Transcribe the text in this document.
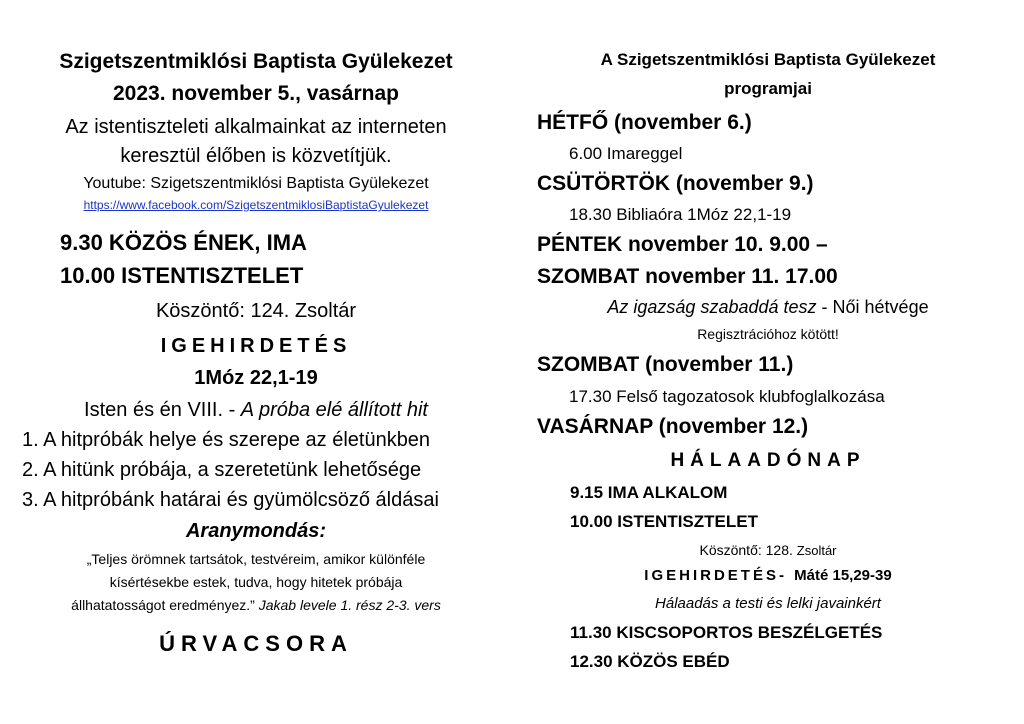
Szigetszentmiklósi Baptista Gyülekezet
2023. november 5., vasárnap
Az istentiszteleti alkalmainkat az interneten
keresztül élőben is közvetítjük.
Youtube: Szigetszentmiklósi Baptista Gyülekezet
https://www.facebook.com/SzigetszentmiklosiBaptistaGyulekezet
9.30 KÖZÖS ÉNEK, IMA
10.00 ISTENTISZTELET
Köszöntő: 124. Zsoltár
IGEHIRDETÉS
1Móz 22,1-19
Isten és én VIII. - A próba elé állított hit
1. A hitpróbák helye és szerepe az életünkben
2. A hitünk próbája, a szeretetünk lehetősége
3. A hitpróbánk határai és gyümölcsöző áldásai
Aranymondás:
„Teljes örömnek tartsátok, testvéreim, amikor különféle
kísértésekbe estek, tudva, hogy hitetek próbája
állhatatosságot eredményez.” Jakab levele 1. rész 2-3. vers
ÚRVACSORA
A Szigetszentmiklósi Baptista Gyülekezet
programjai
HÉTFŐ (november 6.)
6.00 Imareggel
CSÜTÖRTÖK (november 9.)
18.30 Bibliaóra 1Móz 22,1-19
PÉNTEK november 10. 9.00 –
SZOMBAT november 11. 17.00
Az igazság szabaddá tesz - Női hétvége
Regisztrációhoz kötött!
SZOMBAT (november 11.)
17.30 Felső tagozatosok klubfoglalkozása
VASÁRNAP (november 12.)
HÁLAADÓNAP
9.15 IMA ALKALOM
10.00 ISTENTISZTELET
Köszöntő: 128. Zsoltár
IGEHIRDETÉS- Máté 15,29-39
Hálaadás a testi és lelki javainkért
11.30 KISCSOPORTOS BESZÉLGETÉS
12.30 KÖZÖS EBÉD
